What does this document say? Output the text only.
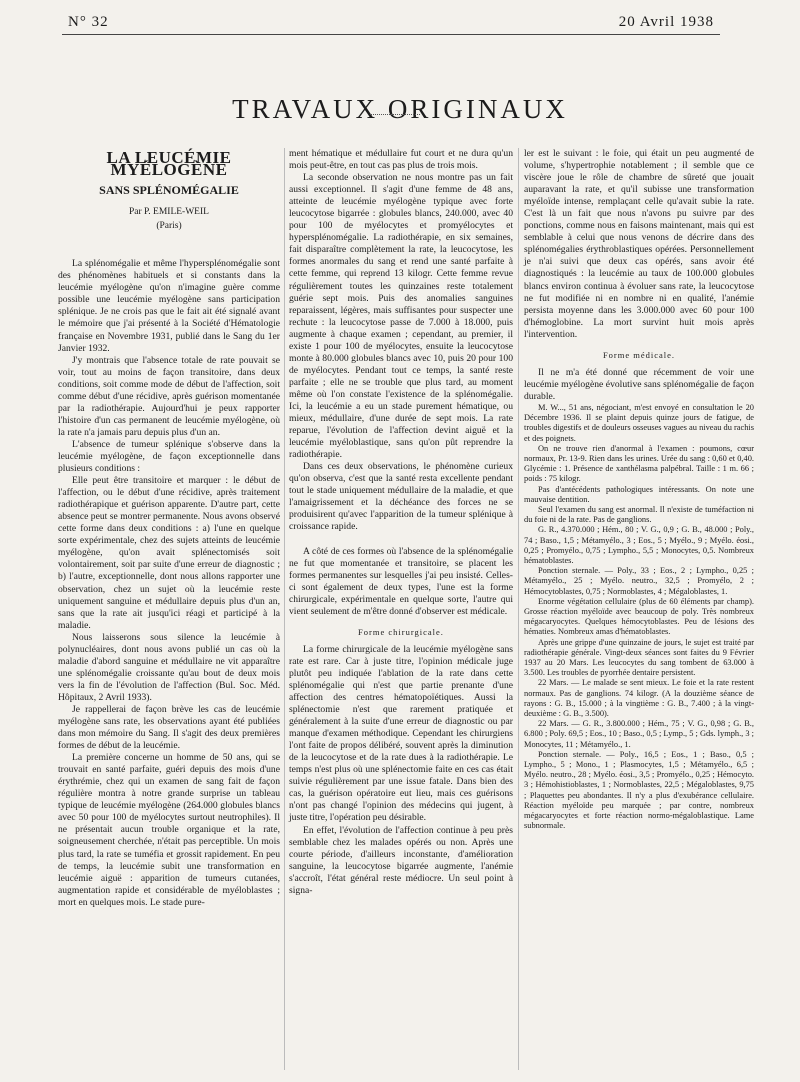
N° 32	20 Avril 1938
TRAVAUX ORIGINAUX
LA LEUCÉMIE MYÉLOGÈNE
SANS SPLÉNOMÉGALIE
Par P. EMILE-WEIL
(Paris)

La splénomégalie et même l'hypersplénomégalie sont des phénomènes habituels et si constants dans la leucémie myélogène qu'on n'imagine guère comme possible une leucémie myélogène sans participation splénique. Je ne crois pas que le fait ait été signalé avant le mémoire que j'ai présenté à la Société d'Hématologie française en Novembre 1931, publié dans le Sang du 1er Janvier 1932.

J'y montrais que l'absence totale de rate pouvait se voir, tout au moins de façon transitoire, dans deux conditions, soit comme mode de début de l'affection, soit comme début d'une récidive, après guérison momentanée par la radiothérapie. Aujourd'hui je peux rapporter l'histoire d'un cas permanent de leucémie myélogène, où la rate n'a jamais paru depuis plus d'un an.

L'absence de tumeur splénique s'observe dans la leucémie myélogène, de façon exceptionnelle dans plusieurs conditions :

Elle peut être transitoire et marquer : le début de l'affection, ou le début d'une récidive, après traitement radiothérapique et guérison apparente. D'autre part, cette absence peut se montrer permanente. Nous avons observé cette forme dans deux conditions : a) l'une en quelque sorte expérimentale, chez des sujets atteints de leucémie myélogène, qu'on avait splénectomisés soit volontairement, soit par suite d'une erreur de diagnostic ; b) l'autre, exceptionnelle, dont nous allons rapporter une observation, chez un sujet où la leucémie reste uniquement sanguine et médullaire depuis plus d'un an, sans que la rate ait jusqu'ici réagi et participé à la maladie.

Nous laisserons sous silence la leucémie à polynucléaires, dont nous avons publié un cas où la maladie d'abord sanguine et médullaire ne vit apparaître une splénomégalie croissante qu'au bout de deux mois vers la fin de l'évolution de l'affection (Bul. Soc. Méd. Hôpitaux, 2 Avril 1933).

Je rappellerai de façon brève les cas de leucémie myélogène sans rate, les observations ayant été publiées dans mon mémoire du Sang. Il s'agit des deux premières formes de début de la leucémie.

La première concerne un homme de 50 ans, qui se trouvait en santé parfaite, guéri depuis des mois d'une érythrémie, chez qui un examen de sang fait de façon régulière montra à notre grande surprise un tableau typique de leucémie myélogène (264.000 globules blancs avec 50 pour 100 de myélocytes surtout neutrophiles). Il ne présentait aucun trouble organique et la rate, soigneusement cherchée, n'était pas perceptible. Un mois plus tard, la rate se tuméfia et grossit rapidement. En peu de temps, la leucémie subit une transformation en leucémie aiguë : apparition de tumeurs cutanées, augmentation rapide et considérable de myéloblastes ; mort en quelques mois. Le stade pure-

ment hématique et médullaire fut court et ne dura qu'un mois peut-être, en tout cas pas plus de trois mois.

La seconde observation ne nous montre pas un fait aussi exceptionnel. Il s'agit d'une femme de 48 ans, atteinte de leucémie myélogène typique avec forte leucocytose bigarrée : globules blancs, 240.000, avec 40 pour 100 de myélocytes et promyélocytes et hypersplénomégalie. La radiothérapie, en six semaines, fait disparaître complètement la rate, la leucocytose, les formes anormales du sang et rend une santé parfaite à cette femme, qui reprend 13 kilogr. Cette femme revue régulièrement toutes les quinzaines reste totalement guérie sept mois. Puis des anomalies sanguines reparaissent, légères, mais suffisantes pour suspecter une rechute : la leucocytose passe de 7.000 à 18.000, puis augmente à chaque examen ; cependant, au premier, il existe 1 pour 100 de myélocytes, ensuite la leucocytose monte à 80.000 globules blancs avec 10, puis 20 pour 100 de myélocytes. Pendant tout ce temps, la santé reste parfaite ; elle ne se trouble que plus tard, au moment même où l'on constate l'existence de la splénomégalie. Ici, la leucémie a eu un stade purement hématique, ou mieux, médullaire, d'une durée de sept mois. La rate reparue, l'évolution de l'affection devint aiguë et la leucémie myéloblastique, sans qu'on pût reprendre la radiothérapie.

Dans ces deux observations, le phénomène curieux qu'on observa, c'est que la santé resta excellente pendant tout le stade uniquement médullaire de la maladie, et que l'amaigrissement et la déchéance des forces ne se produisirent qu'avec l'apparition de la tumeur splénique à croissance rapide.

A côté de ces formes où l'absence de la splénomégalie ne fut que momentanée et transitoire, se placent les formes permanentes sur lesquelles j'ai peu insisté. Celles-ci sont également de deux types, l'une est la forme chirurgicale, expérimentale en quelque sorte, l'autre qui vient seulement de m'être donné d'observer est médicale.

Forme chirurgicale.

La forme chirurgicale de la leucémie myélogène sans rate est rare. Car à juste titre, l'opinion médicale juge plutôt peu indiquée l'ablation de la rate dans cette splénomégalie qui n'est que partie prenante d'une affection des centres hématopoïétiques. Aussi la splénectomie n'est que rarement pratiquée et généralement à la suite d'une erreur de diagnostic ou par manque d'examen méthodique. Cependant les chirurgiens l'ont faite de propos délibéré, souvent après la diminution de la leucocytose et de la rate dues à la radiothérapie. Le temps n'est plus où une splénectomie faite en ces cas était suivie régulièrement par une issue fatale. Dans bien des cas, la guérison opératoire eut lieu, mais ces guérisons n'ont pas changé l'opinion des médecins qui jugent, à juste titre, l'opération peu désirable.

En effet, l'évolution de l'affection continue à peu près semblable chez les malades opérés ou non. Après une courte période, d'ailleurs inconstante, d'amélioration sanguine, la leucocytose bigarrée augmente, l'anémie s'accroît, l'état général reste médiocre. Un seul point à signa-

ler est le suivant : le foie, qui était un peu augmenté de volume, s'hypertrophie notablement ; il semble que ce viscère joue le rôle de chambre de sûreté que jouait auparavant la rate, et qu'il subisse une transformation myéloïde intense, remplaçant celle qu'avait subie la rate. C'est là un fait que nous n'avons pu suivre par des ponctions, comme nous en faisons maintenant, mais qui est semblable à celui que nous venons de décrire dans des splénomégalies érythroblastiques opérées. Personnellement je n'ai suivi que deux cas opérés, sans avoir été diagnostiqués : la leucémie au taux de 100.000 globules blancs environ continua à évoluer sans rate, la leucocytose ne fut modifiée ni en nombre ni en qualité, l'anémie persista moyenne dans les 3.000.000 avec 60 pour 100 d'hémoglobine. La mort survint huit mois après l'intervention.

Forme médicale.

Il ne m'a été donné que récemment de voir une leucémie myélogène évolutive sans splénomégalie de façon durable.

M. W..., 51 ans, négociant, m'est envoyé en consultation le 20 Décembre 1936. Il se plaint depuis quinze jours de fatigue, de troubles digestifs et de douleurs osseuses vagues au niveau du rachis et des poignets.

On ne trouve rien d'anormal à l'examen : poumons, cœur normaux, Pr. 13-9. Rien dans les urines. Urée du sang : 0,60 et 0,40. Glycémie : 1. Présence de xanthélasma palpébral. Taille : 1 m. 66 ; poids : 75 kilogr.

Pas d'antécédents pathologiques intéressants. On note une mauvaise dentition.

Seul l'examen du sang est anormal. Il n'existe de tuméfaction ni du foie ni de la rate. Pas de ganglions.

G. R., 4.370.000 ; Hém., 80 ; V. G., 0,9 ; G. B., 48.000 ; Poly., 74 ; Baso., 1,5 ; Métamyélo., 3 ; Eos., 5 ; Myélo., 9 ; Myélo. éosi., 0,25 ; Promyélo., 0,75 ; Lympho., 5,5 ; Monocytes, 0,5. Nombreux hématoblastes.

Ponction sternale. — Poly., 33 ; Eos., 2 ; Lympho., 0,25 ; Métamyélo., 25 ; Myélo. neutro., 32,5 ; Promyélo, 2 ; Hémocytoblastes, 0,75 ; Normoblastes, 4 ; Mégaloblastes, 1.

Enorme végétation cellulaire (plus de 60 éléments par champ). Grosse réaction myéloïde avec beaucoup de poly. Très nombreux mégacaryocytes. Quelques hémocytoblastes. Peu de lésions des hématies. Nombreux amas d'hématoblastes.

Après une grippe d'une quinzaine de jours, le sujet est traité par radiothérapie générale. Vingt-deux séances sont faites du 9 Février 1937 au 20 Mars. Les leucocytes du sang tombent de 63.000 à 3.500. Les troubles de pyorrhée dentaire persistent.

22 Mars. — Le malade se sent mieux. Le foie et la rate restent normaux. Pas de ganglions. 74 kilogr. (A la douzième séance de rayons : G. B., 15.000 ; à la vingtième : G. B., 7.400 ; à la vingt-deuxième : G. B., 3.500).

22 Mars. — G. R., 3.800.000 ; Hém., 75 ; V. G., 0,98 ; G. B., 6.800 ; Poly. 69,5 ; Eos., 10 ; Baso., 0,5 ; Lymp., 5 ; Gds. lymph., 3 ; Monocytes, 11 ; Métamyélo., 1.

Ponction sternale. — Poly., 16,5 ; Eos., 1 ; Baso., 0,5 ; Lympho., 5 ; Mono., 1 ; Plasmocytes, 1,5 ; Métamyélo., 6,5 ; Myélo. neutro., 28 ; Myélo. éosi., 3,5 ; Promyélo., 0,25 ; Hémocyto. 3 ; Hémohistioblastes, 1 ; Normoblastes, 22,5 ; Mégaloblastes, 9,75 ; Plaquettes peu abondantes. Il n'y a plus d'exubérance cellulaire. Réaction myéloïde peu marquée ; par contre, nombreux mégacaryocytes et forte réaction normo-mégaloblastique. Lame subnormale.
